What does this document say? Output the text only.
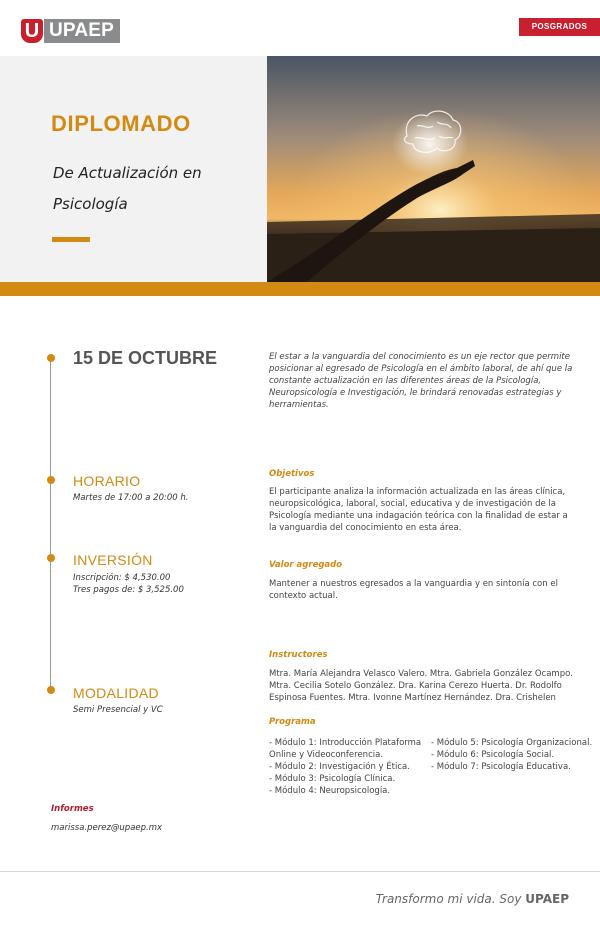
U UPAEP	POSGRADOS
DIPLOMADO
De Actualización en Psicología
15 DE OCTUBRE
HORARIO
Martes de 17:00 a 20:00 h.
INVERSIÓN
Inscripción: $ 4,530.00
Tres pagos de: $ 3,525.00
MODALIDAD
Semi Presencial y VC
El estar a la vanguardia del conocimiento es un eje rector que permite posicionar al egresado de Psicología en el ámbito laboral, de ahí que la constante actualización en las diferentes áreas de la Psicología, Neuropsicología e Investigación, le brindará renovadas estrategias y herramientas.
Objetivos
El participante analiza la información actualizada en las áreas clínica, neuropsicológica, laboral, social, educativa y de investigación de la Psicología mediante una indagación teórica con la finalidad de estar a la vanguardia del conocimiento en esta área.
Valor agregado
Mantener a nuestros egresados a la vanguardia y en sintonía con el contexto actual.
Instructores
Mtra. María Alejandra Velasco Valero. Mtra. Gabriela González Ocampo. Mtra. Cecilia Sotelo González. Dra. Karina Cerezo Huerta. Dr. Rodolfo Espinosa Fuentes. Mtra. Ivonne Martínez Hernández. Dra. Crishelen
Programa
- Módulo 1: Introducción Plataforma
Online y Videoconferencia.
- Módulo 2: Investigación y Ética.
- Módulo 3: Psicología Clínica.
- Módulo 4: Neuropsicología.
- Módulo 5: Psicología Organizacional.
- Módulo 6: Psicología Social.
- Módulo 7: Psicología Educativa.
Informes
marissa.perez@upaep.mx
Transformo mi vida. Soy UPAEP
